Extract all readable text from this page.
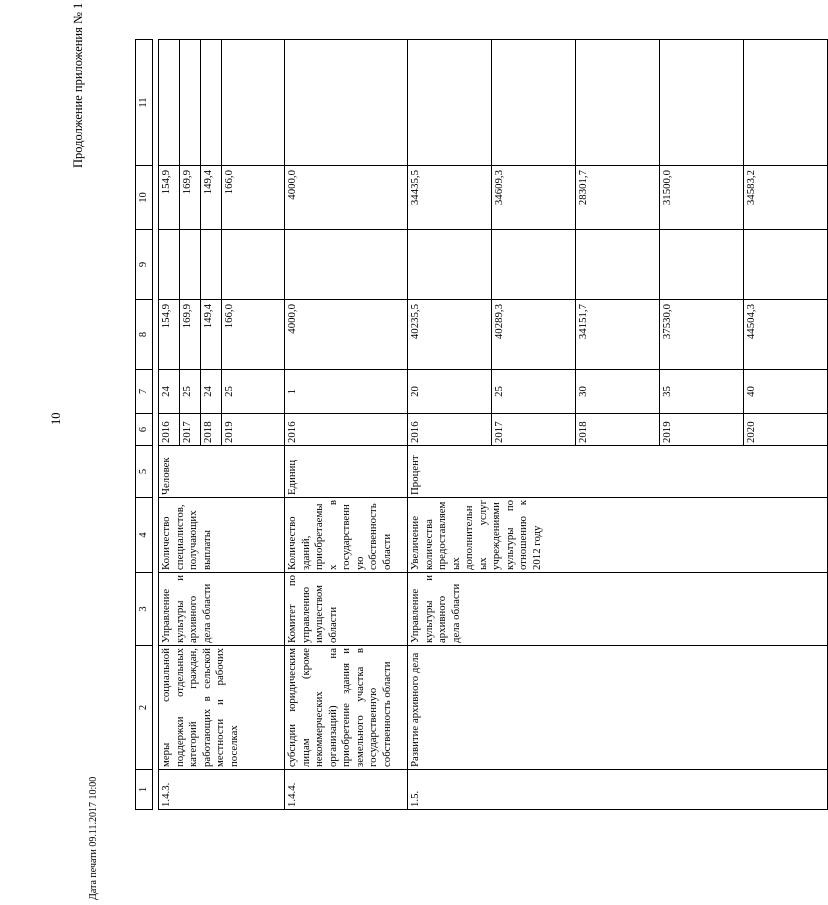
Продолжение приложения № 1
10
Дата печати 09.11.2017 10:00	1	2	3	4	5	6	7	8	9	10	11	

1.4.3.	меры социальной поддержки отдельных категорий граждан, работающих в сельской местности и рабочих поселках	Управление культуры и архивного дела области	Количество специалистов, получающих выплаты	Человек	2016	24	154,9		154,9		
					2017	25	169,9		169,9		
					2018	24	149,4		149,4		
					2019	25	166,0		166,0		
1.4.4.	субсидии юридическим лицам (кроме некоммерческих организаций) на приобретение здания и земельного участка в государственную собственность области	Комитет по управлению имуществом области	Количество зданий, приобретаемых в государственную собственность области	Единиц	2016	1	4000,0		4000,0		
1.5.	Развитие архивного дела	Управление культуры и архивного дела области	Увеличение количества предоставляемых дополнительных услуг учреждениями культуры по отношению к 2012 году	Процент	2016	20	40235,5		34435,5		
					2017	25	40289,3		34609,3		
					2018	30	34151,7		28301,7		
					2019	35	37530,0		31500,0		
					2020	40	44504,3		34583,2		
